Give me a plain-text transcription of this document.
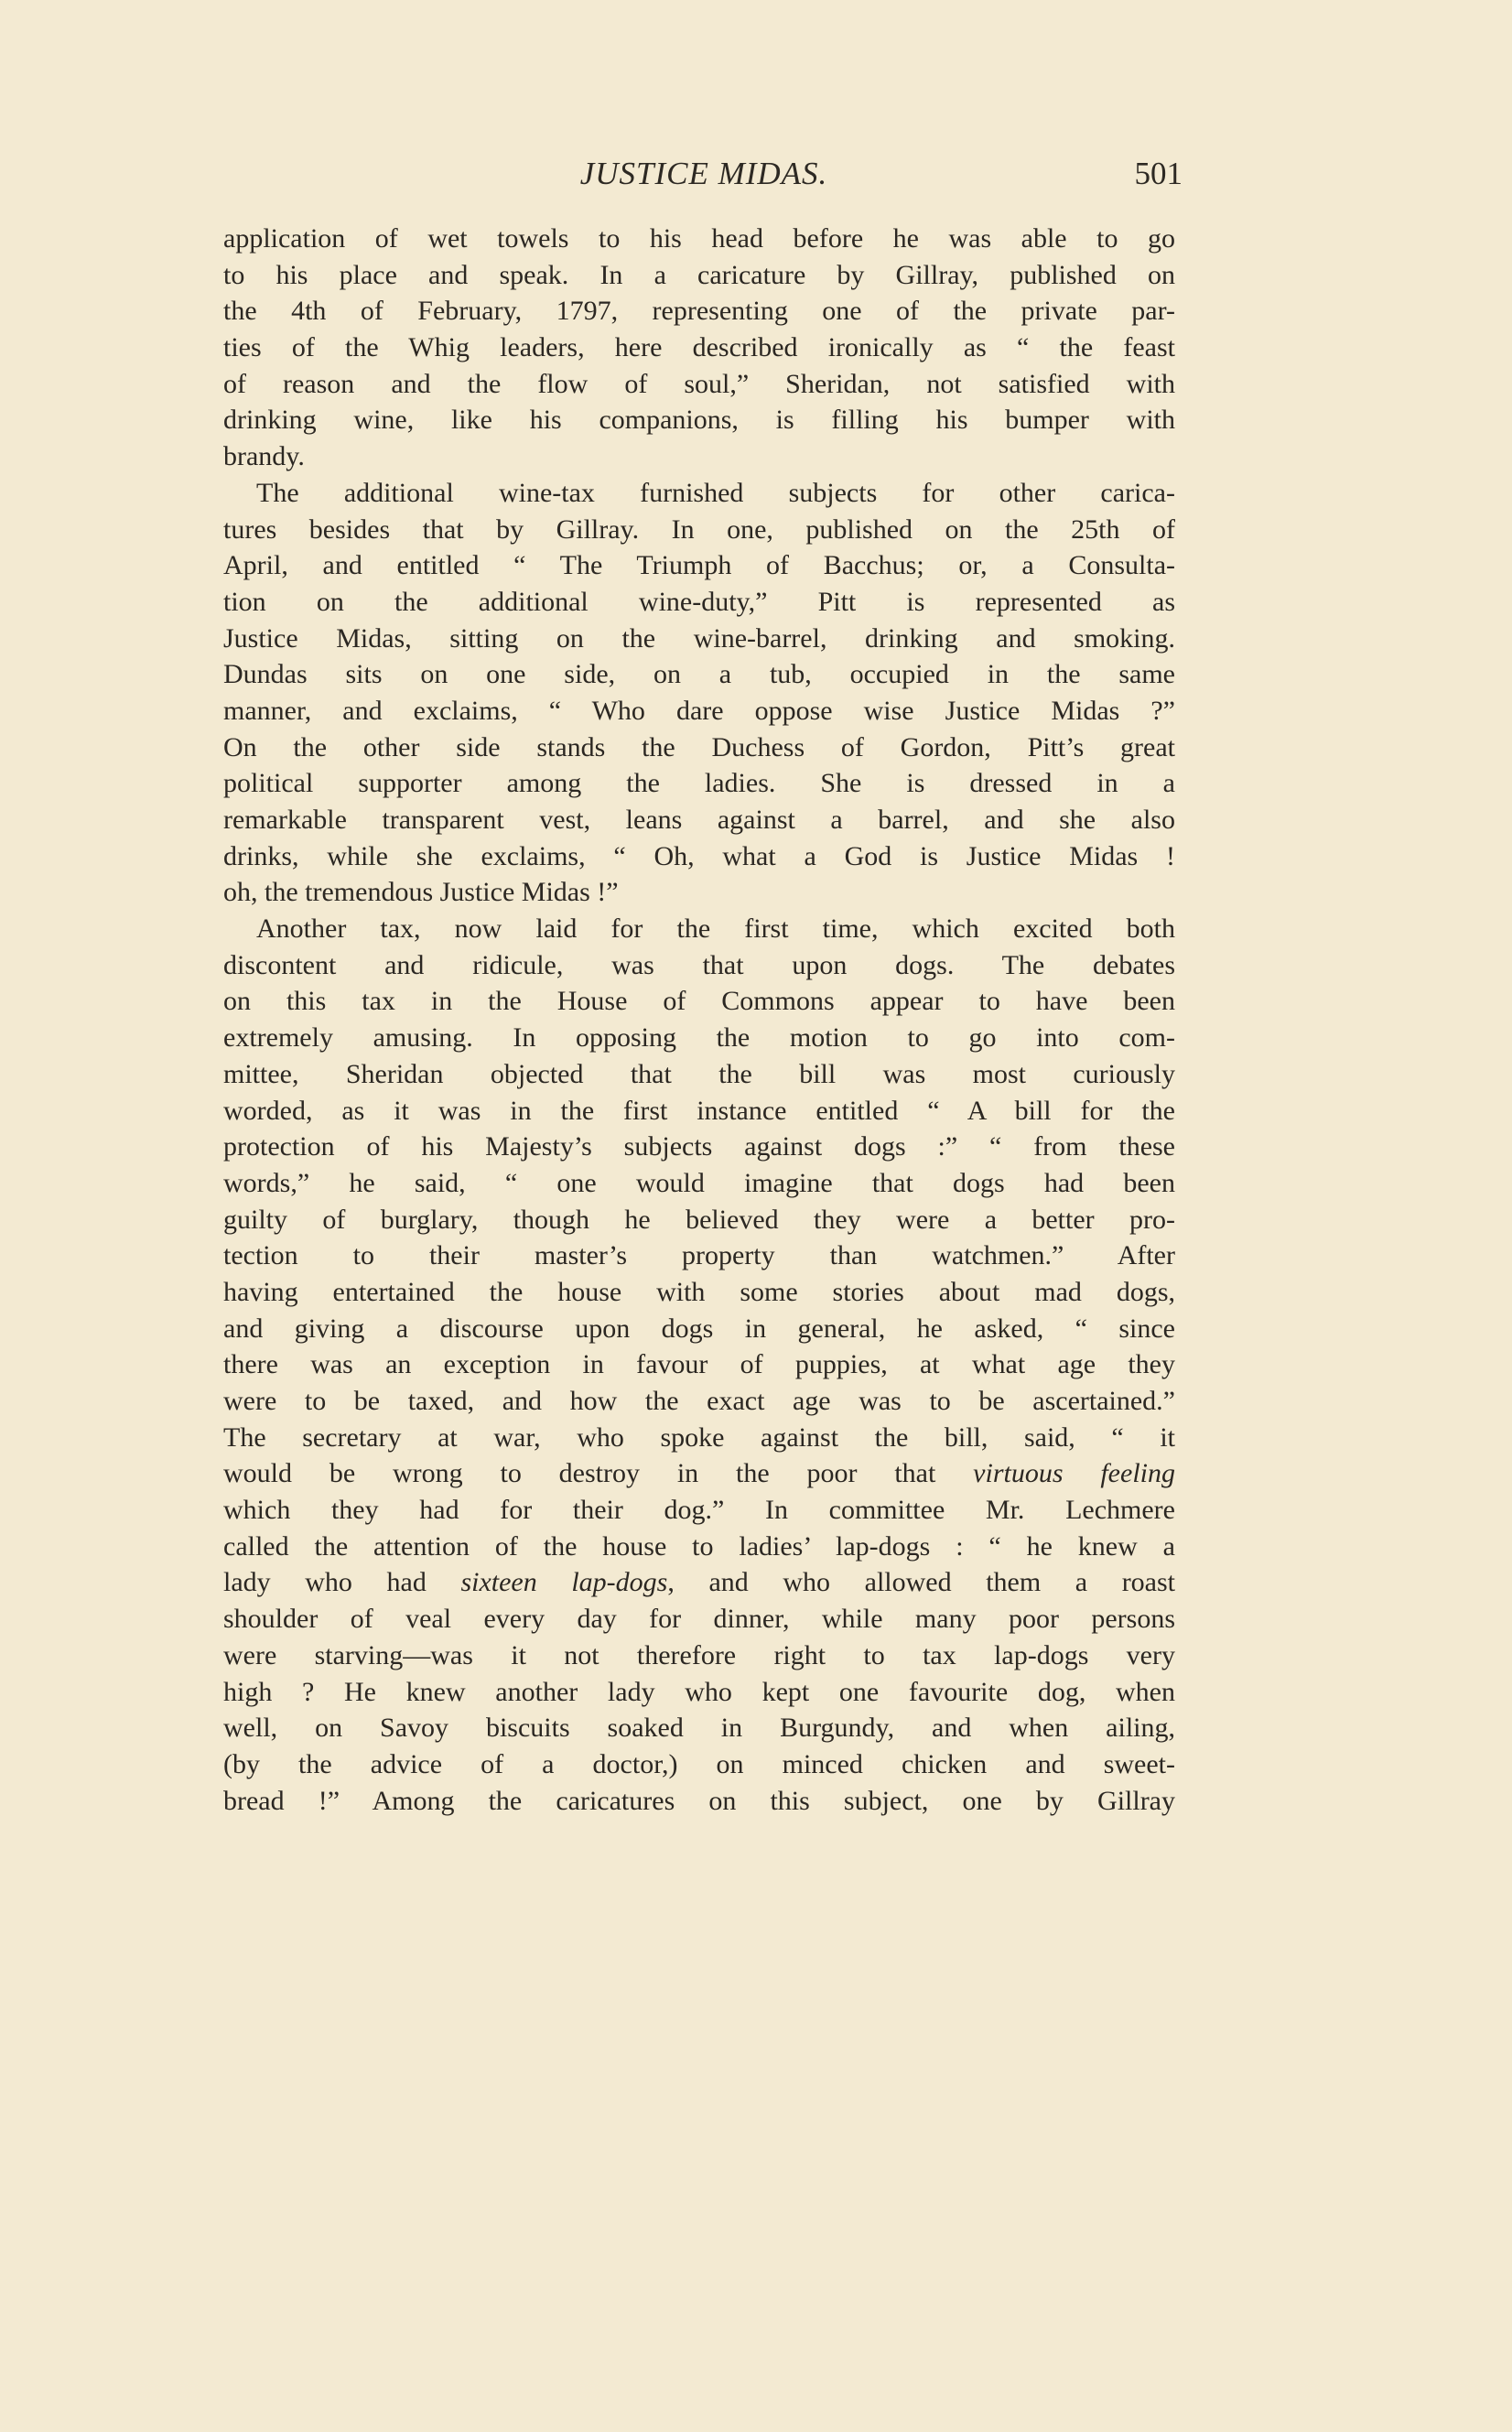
JUSTICE MIDAS.	501
application of wet towels to his head before he was able to go
to his place and speak. In a caricature by Gillray, published on
the 4th of February, 1797, representing one of the private par-
ties of the Whig leaders, here described ironically as “ the feast
of reason and the flow of soul,” Sheridan, not satisfied with
drinking wine, like his companions, is filling his bumper with
brandy.
The additional wine-tax furnished subjects for other carica-
tures besides that by Gillray. In one, published on the 25th of
April, and entitled “ The Triumph of Bacchus; or, a Consulta-
tion on the additional wine-duty,” Pitt is represented as
Justice Midas, sitting on the wine-barrel, drinking and smoking.
Dundas sits on one side, on a tub, occupied in the same
manner, and exclaims, “ Who dare oppose wise Justice Midas ?”
On the other side stands the Duchess of Gordon, Pitt’s great
political supporter among the ladies. She is dressed in a
remarkable transparent vest, leans against a barrel, and she also
drinks, while she exclaims, “ Oh, what a God is Justice Midas !
oh, the tremendous Justice Midas !”
Another tax, now laid for the first time, which excited both
discontent and ridicule, was that upon dogs. The debates
on this tax in the House of Commons appear to have been
extremely amusing. In opposing the motion to go into com-
mittee, Sheridan objected that the bill was most curiously
worded, as it was in the first instance entitled “ A bill for the
protection of his Majesty’s subjects against dogs :” “ from these
words,” he said, “ one would imagine that dogs had been
guilty of burglary, though he believed they were a better pro-
tection to their master’s property than watchmen.” After
having entertained the house with some stories about mad dogs,
and giving a discourse upon dogs in general, he asked, “ since
there was an exception in favour of puppies, at what age they
were to be taxed, and how the exact age was to be ascertained.”
The secretary at war, who spoke against the bill, said, “ it
would be wrong to destroy in the poor that virtuous feeling
which they had for their dog.” In committee Mr. Lechmere
called the attention of the house to ladies’ lap-dogs : “ he knew a
lady who had sixteen lap-dogs, and who allowed them a roast
shoulder of veal every day for dinner, while many poor persons
were starving—was it not therefore right to tax lap-dogs very
high ? He knew another lady who kept one favourite dog, when
well, on Savoy biscuits soaked in Burgundy, and when ailing,
(by the advice of a doctor,) on minced chicken and sweet-
bread !” Among the caricatures on this subject, one by Gillray
